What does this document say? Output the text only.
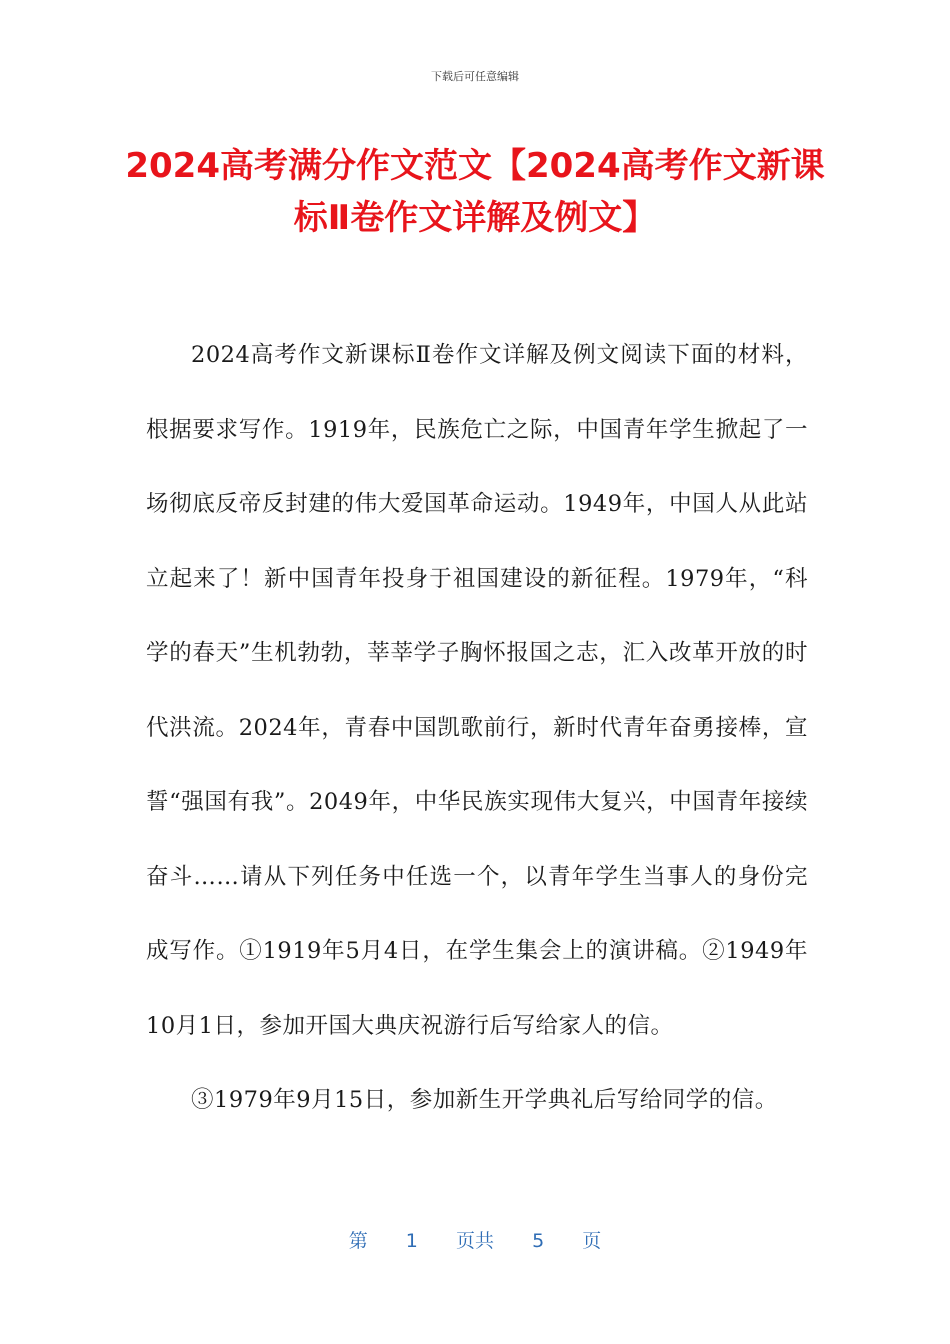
下载后可任意编辑
2024高考满分作文范文【2024高考作文新课标Ⅱ卷作文详解及例文】

2024高考作文新课标Ⅱ卷作文详解及例文阅读下面的材料，根据要求写作。1919年，民族危亡之际，中国青年学生掀起了一场彻底反帝反封建的伟大爱国革命运动。1949年，中国人从此站立起来了！新中国青年投身于祖国建设的新征程。1979年，“科学的春天”生机勃勃，莘莘学子胸怀报国之志，汇入改革开放的时代洪流。2024年，青春中国凯歌前行，新时代青年奋勇接棒，宣誓“强国有我”。2049年，中华民族实现伟大复兴，中国青年接续奋斗……请从下列任务中任选一个，以青年学生当事人的身份完成写作。①1919年5月4日，在学生集会上的演讲稿。②1949年10月1日，参加开国大典庆祝游行后写给家人的信。

③1979年9月15日，参加新生开学典礼后写给同学的信。

第 1 页共 5 页
